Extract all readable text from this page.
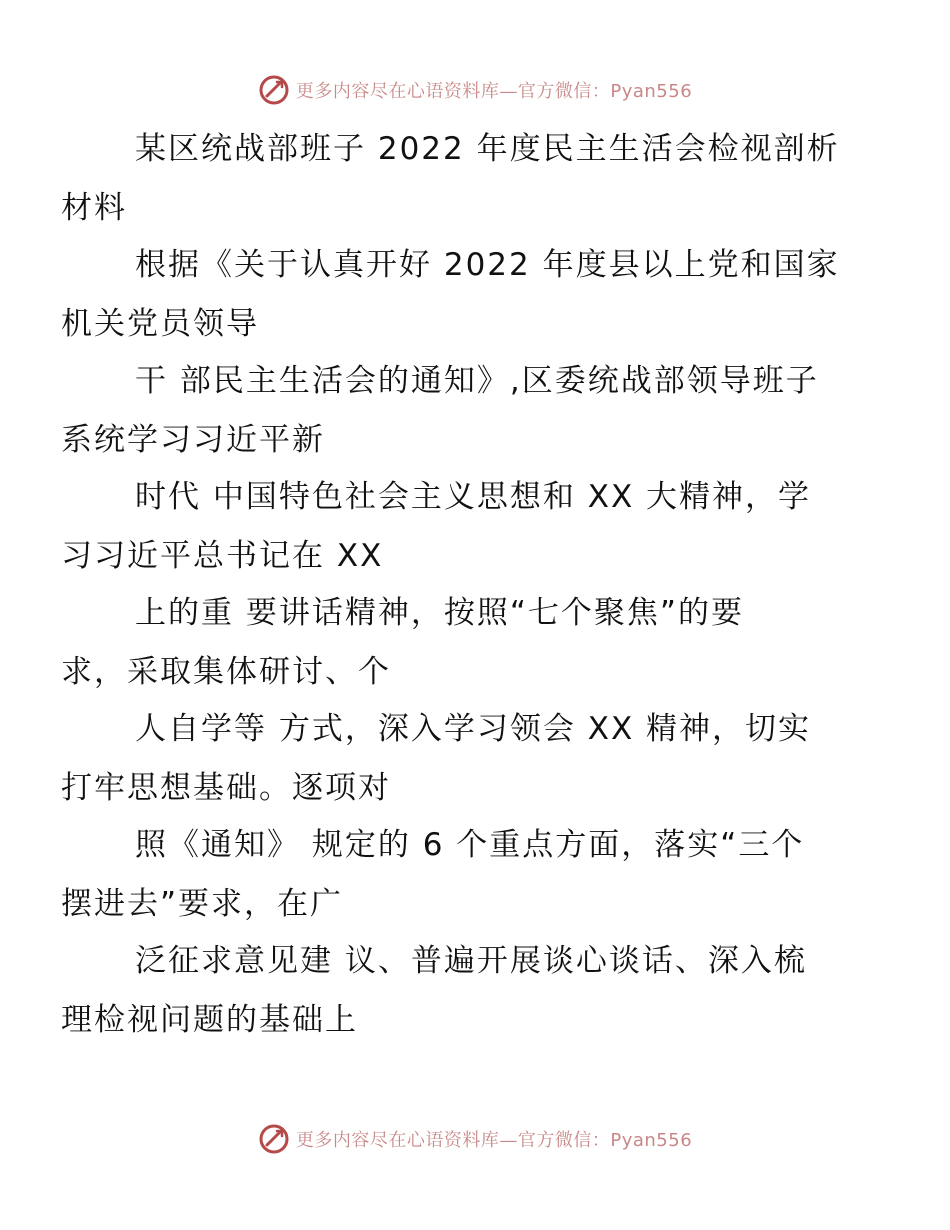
更多内容尽在心语资料库—官方微信：Pyan556

某区统战部班子 2022 年度民主生活会检视剖析
材料

根据《关于认真开好 2022 年度县以上党和国家
机关党员领导

干 部民主生活会的通知》,区委统战部领导班子
系统学习习近平新

时代 中国特色社会主义思想和 XX 大精神，学
习习近平总书记在 XX

上的重 要讲话精神，按照“七个聚焦”的要
求，采取集体研讨、个

人自学等 方式，深入学习领会 XX 精神，切实
打牢思想基础。逐项对

照《通知》 规定的 6 个重点方面，落实“三个
摆进去”要求，在广

泛征求意见建 议、普遍开展谈心谈话、深入梳
理检视问题的基础上

更多内容尽在心语资料库—官方微信：Pyan556
